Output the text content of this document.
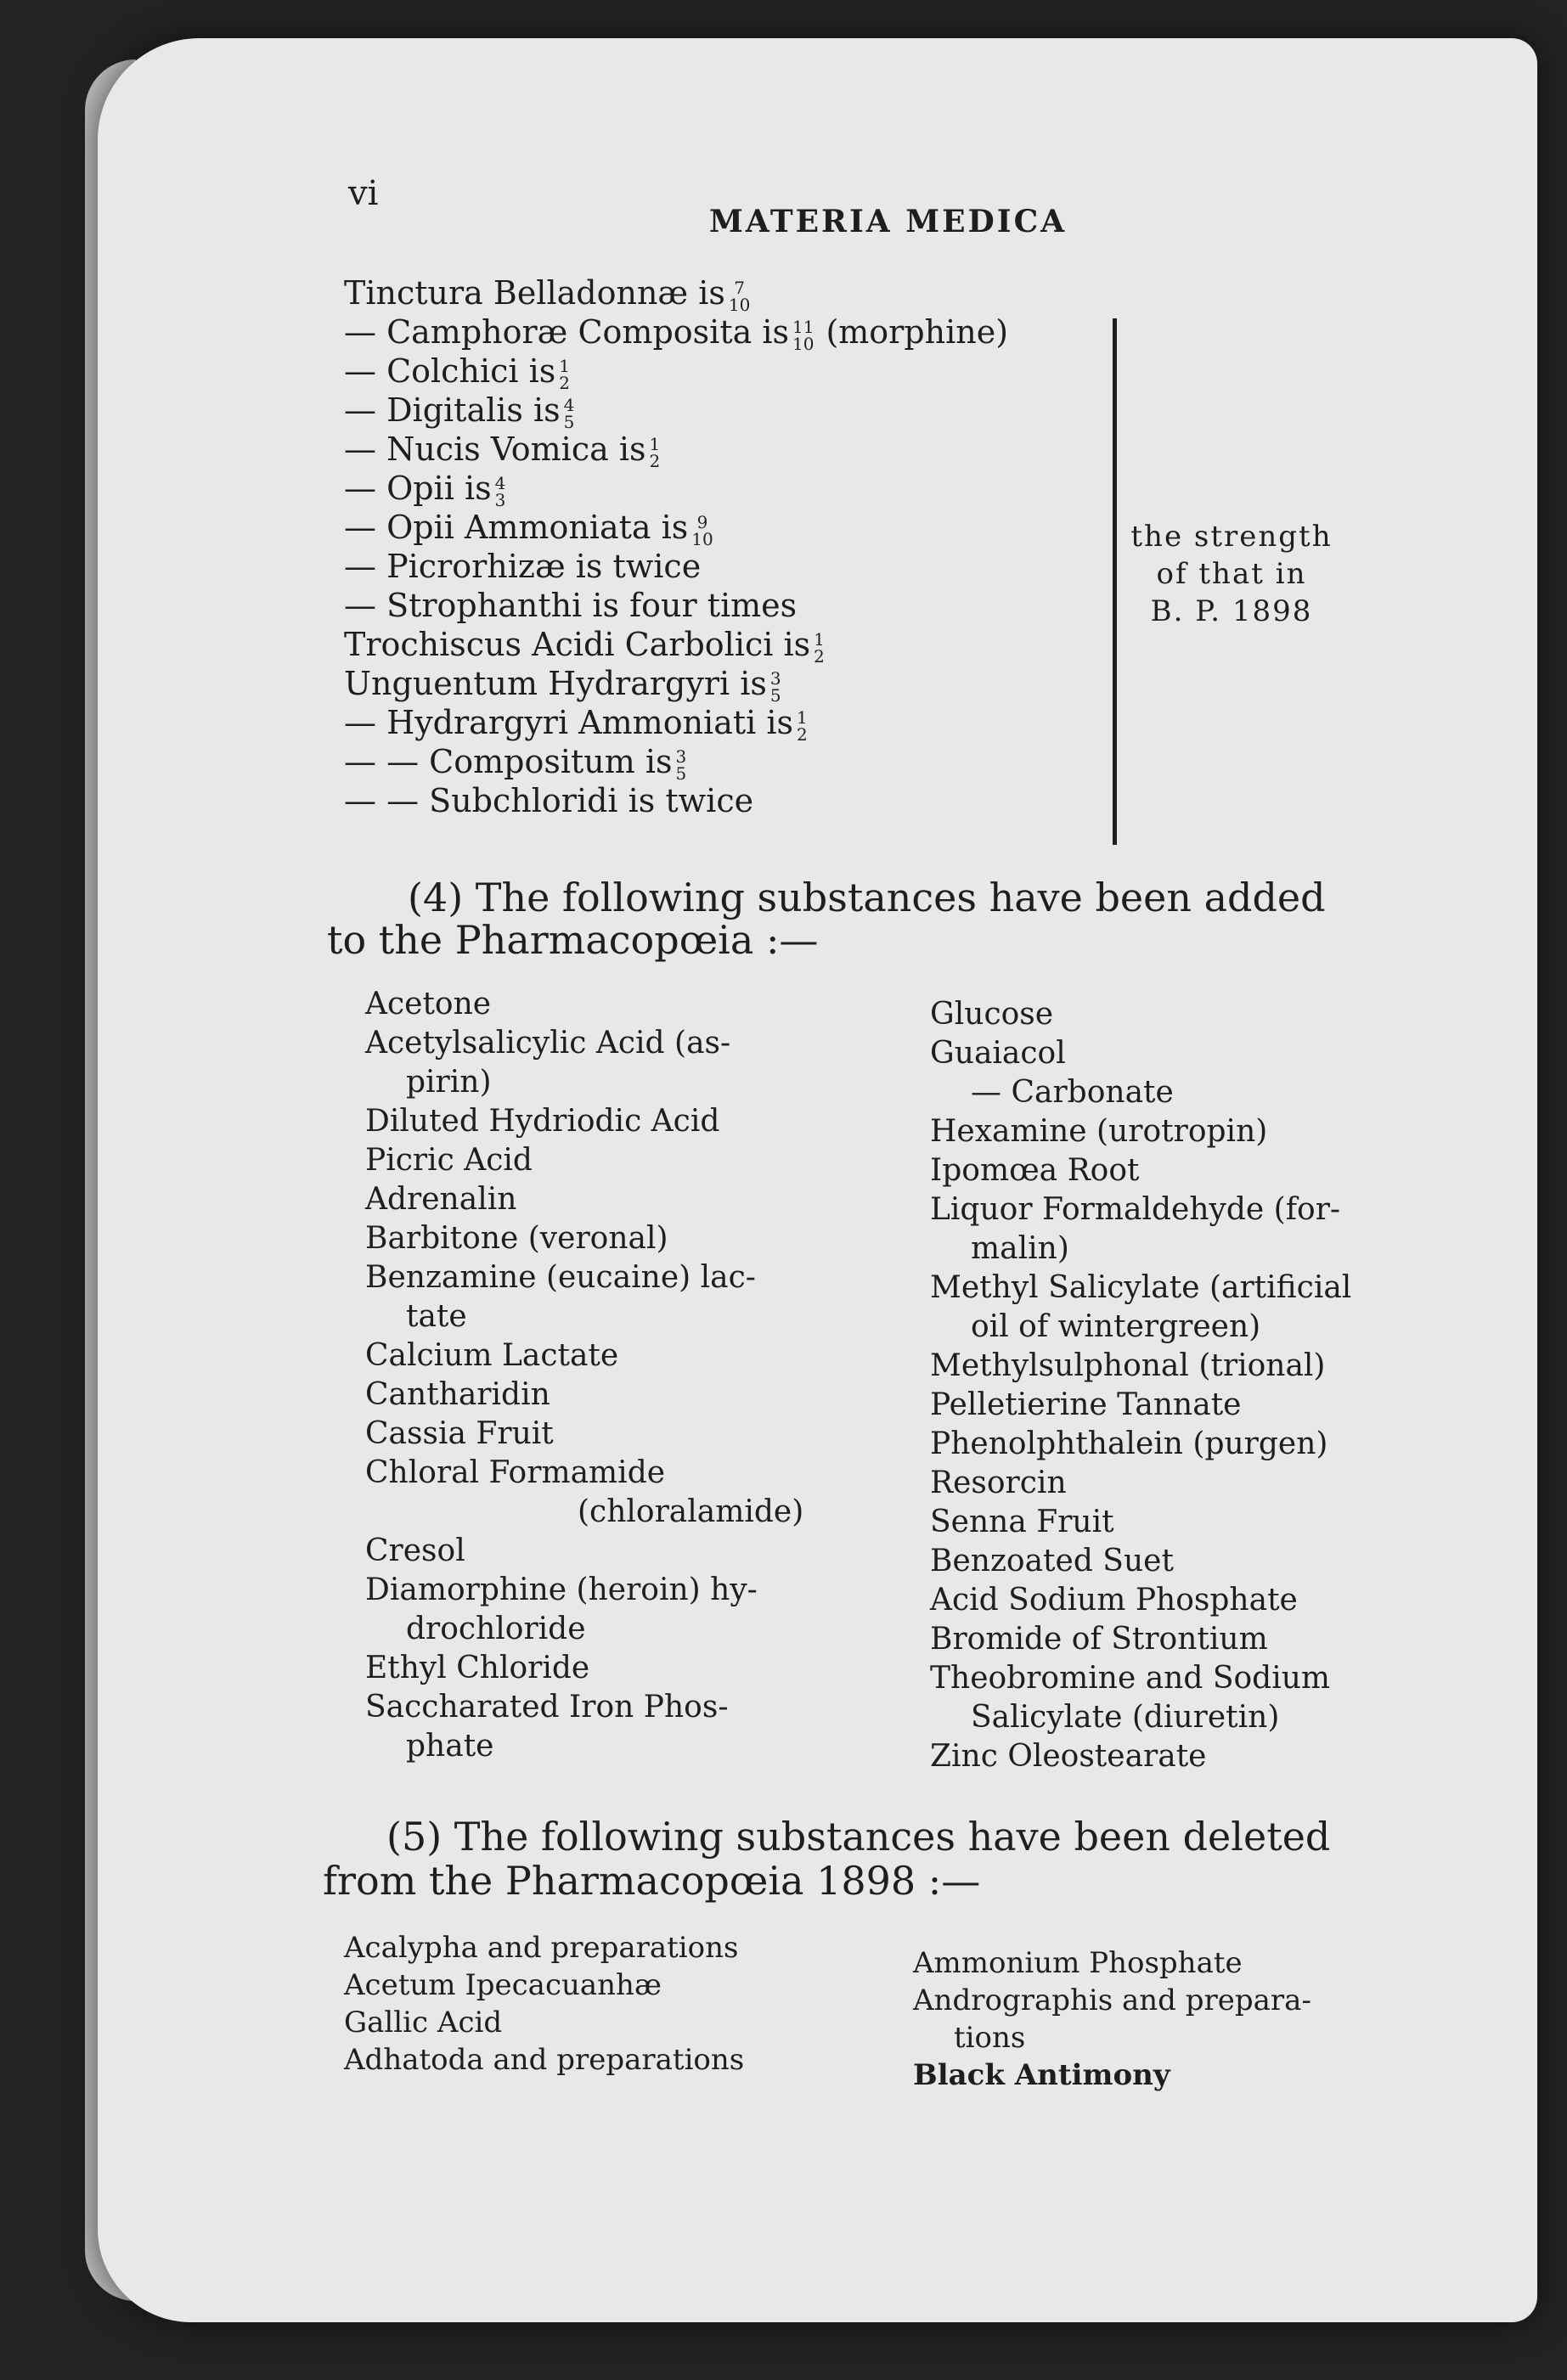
vi
MATERIA MEDICA
Tinctura Belladonnæ is 7
10
— Camphoræ Composita is 11
10 (morphine)
— Colchici is 1
2
— Digitalis is 4
5
— Nucis Vomica is 1
2
— Opii is 4
3
— Opii Ammoniata is 9
10
— Picrorhizæ is twice
— Strophanthi is four times
Trochiscus Acidi Carbolici is 1
2
Unguentum Hydrargyri is 3
5
— Hydrargyri Ammoniati is 1
2
— — Compositum is 3
5
— — Subchloridi is twice
the strength
of that in
B. P. 1898
(4) The following substances have been added
to the Pharmacopœia :—
Acetone
Acetylsalicylic Acid (as-
pirin)
Diluted Hydriodic Acid
Picric Acid
Adrenalin
Barbitone (veronal)
Benzamine (eucaine) lac-
tate
Calcium Lactate
Cantharidin
Cassia Fruit
Chloral Formamide
(chloralamide)
Cresol
Diamorphine (heroin) hy-
drochloride
Ethyl Chloride
Saccharated Iron Phos-
phate
Glucose
Guaiacol
— Carbonate
Hexamine (urotropin)
Ipomœa Root
Liquor Formaldehyde (for-
malin)
Methyl Salicylate (artificial
oil of wintergreen)
Methylsulphonal (trional)
Pelletierine Tannate
Phenolphthalein (purgen)
Resorcin
Senna Fruit
Benzoated Suet
Acid Sodium Phosphate
Bromide of Strontium
Theobromine and Sodium
Salicylate (diuretin)
Zinc Oleostearate
(5) The following substances have been deleted
from the Pharmacopœia 1898 :—
Acalypha and preparations
Acetum Ipecacuanhæ
Gallic Acid
Adhatoda and preparations
Ammonium Phosphate
Andrographis and prepara-
tions
Black Antimony
